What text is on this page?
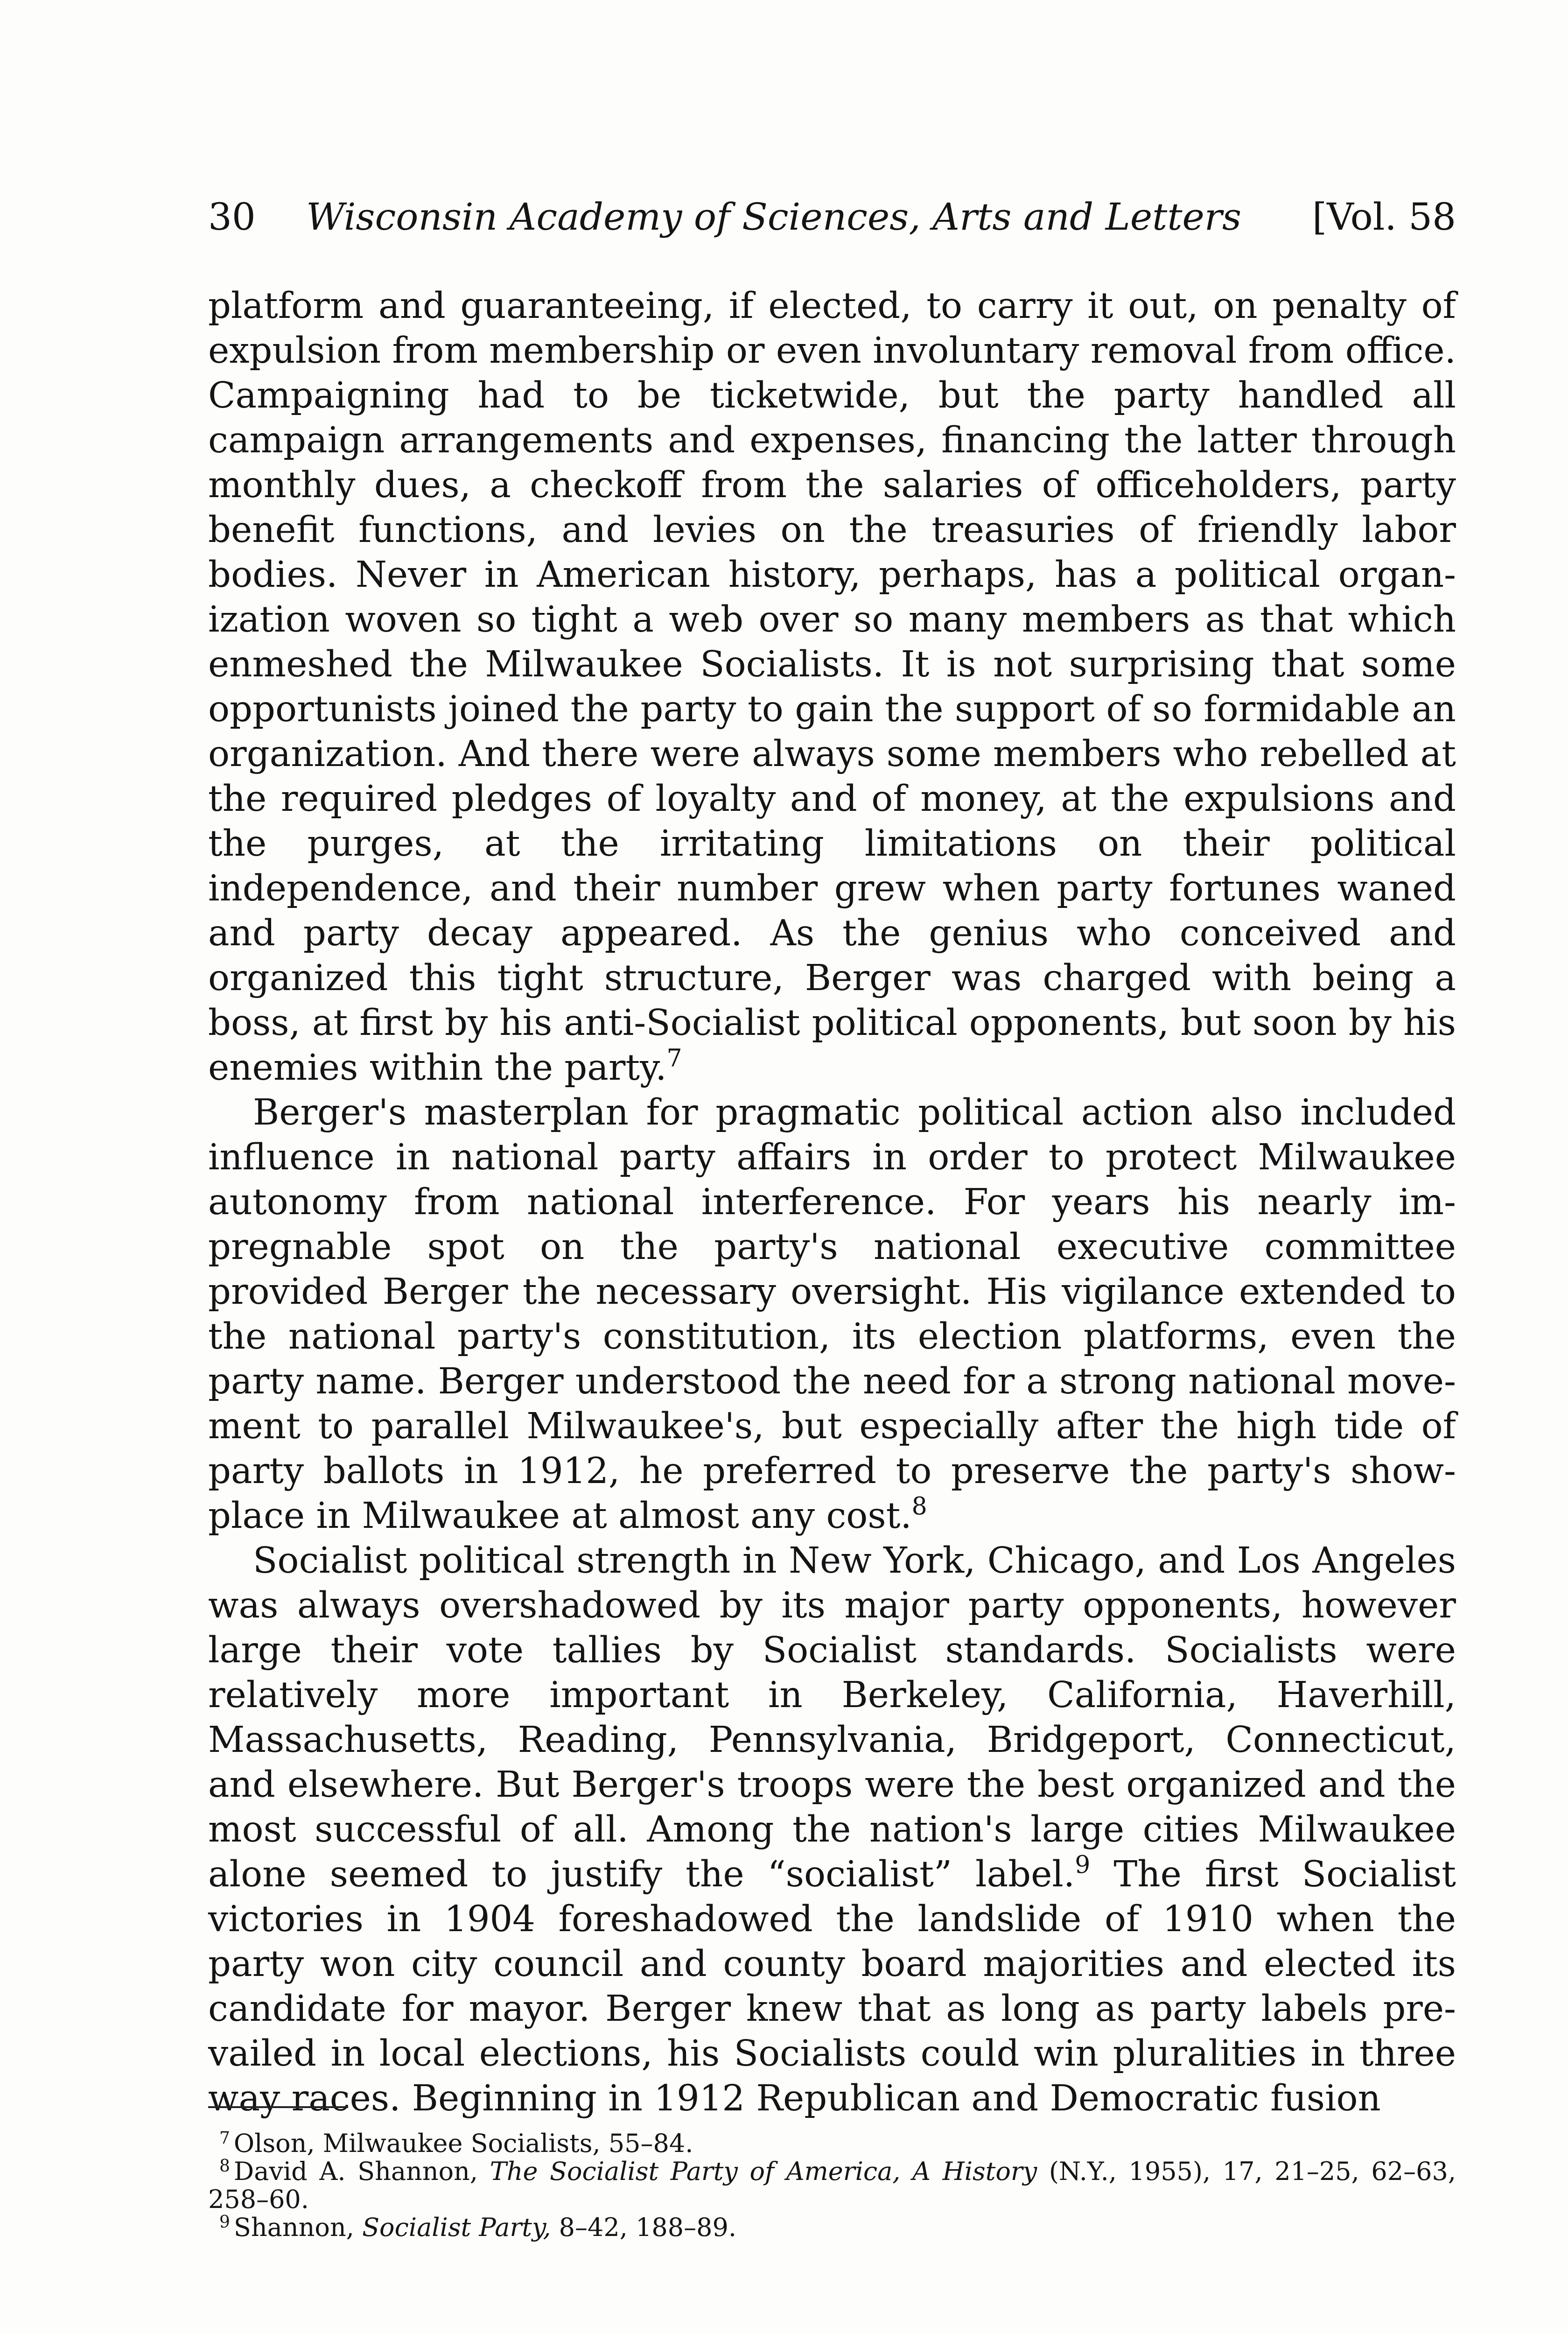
30 Wisconsin Academy of Sciences, Arts and Letters [Vol. 58

platform and guaranteeing, if elected, to carry it out, on penalty of expulsion from membership or even involuntary removal from office. Campaigning had to be ticketwide, but the party handled all campaign arrangements and expenses, financing the latter through monthly dues, a checkoff from the salaries of officeholders, party benefit functions, and levies on the treasuries of friendly labor bodies. Never in American history, perhaps, has a political organization woven so tight a web over so many members as that which enmeshed the Milwaukee Socialists. It is not surprising that some opportunists joined the party to gain the support of so formidable an organization. And there were always some members who rebelled at the required pledges of loyalty and of money, at the expulsions and the purges, at the irritating limitations on their political independence, and their number grew when party fortunes waned and party decay appeared. As the genius who conceived and organized this tight structure, Berger was charged with being a boss, at first by his anti-Socialist political opponents, but soon by his enemies within the party.$^7$

Berger's masterplan for pragmatic political action also included influence in national party affairs in order to protect Milwaukee autonomy from national interference. For years his nearly impregnable spot on the party's national executive committee provided Berger the necessary oversight. His vigilance extended to the national party's constitution, its election platforms, even the party name. Berger understood the need for a strong national movement to parallel Milwaukee's, but especially after the high tide of party ballots in 1912, he preferred to preserve the party's showplace in Milwaukee at almost any cost.$^8$

Socialist political strength in New York, Chicago, and Los Angeles was always overshadowed by its major party opponents, however large their vote tallies by Socialist standards. Socialists were relatively more important in Berkeley, California, Haverhill, Massachusetts, Reading, Pennsylvania, Bridgeport, Connecticut, and elsewhere. But Berger's troops were the best organized and the most successful of all. Among the nation's large cities Milwaukee alone seemed to justify the “socialist” label.$^9$ The first Socialist victories in 1904 foreshadowed the landslide of 1910 when the party won city council and county board majorities and elected its candidate for mayor. Berger knew that as long as party labels prevailed in local elections, his Socialists could win pluralities in three way races. Beginning in 1912 Republican and Democratic fusion

$^7$ Olson, Milwaukee Socialists, 55–84.

$^8$ David A. Shannon, The Socialist Party of America, A History (N.Y., 1955), 17, 21–25, 62–63, 258–60.

$^9$ Shannon, Socialist Party, 8–42, 188–89.
